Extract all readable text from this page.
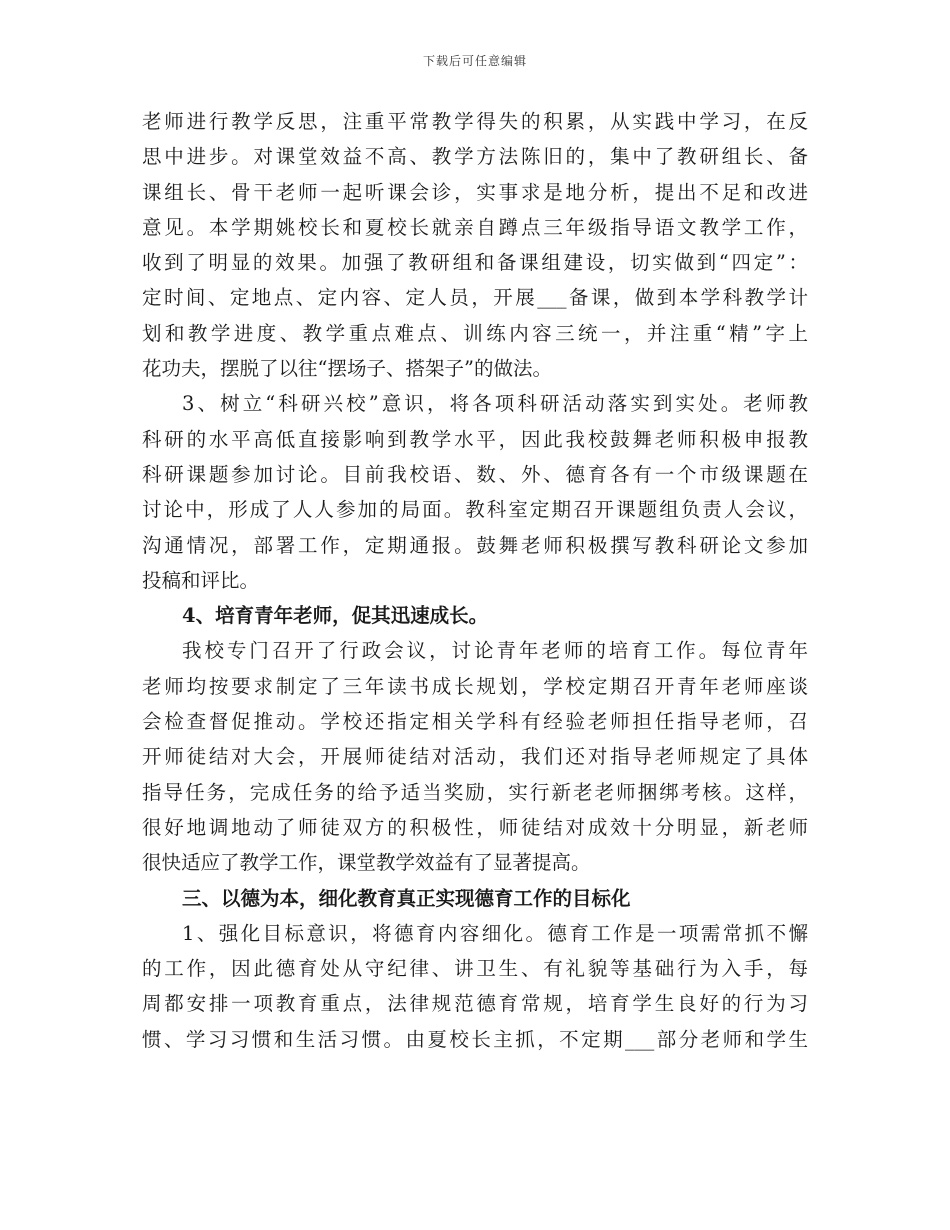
下载后可任意编辑
老师进行教学反思，注重平常教学得失的积累，从实践中学习，在反
思中进步。对课堂效益不高、教学方法陈旧的，集中了教研组长、备
课组长、骨干老师一起听课会诊，实事求是地分析，提出不足和改进
意见。本学期姚校长和夏校长就亲自蹲点三年级指导语文教学工作，
收到了明显的效果。加强了教研组和备课组建设，切实做到“四定”：
定时间、定地点、定内容、定人员，开展___备课，做到本学科教学计
划和教学进度、教学重点难点、训练内容三统一，并注重“精”字上
花功夫，摆脱了以往“摆场子、搭架子”的做法。
3、树立“科研兴校”意识，将各项科研活动落实到实处。老师教
科研的水平高低直接影响到教学水平，因此我校鼓舞老师积极申报教
科研课题参加讨论。目前我校语、数、外、德育各有一个市级课题在
讨论中，形成了人人参加的局面。教科室定期召开课题组负责人会议，
沟通情况，部署工作，定期通报。鼓舞老师积极撰写教科研论文参加
投稿和评比。
4、培育青年老师，促其迅速成长。
我校专门召开了行政会议，讨论青年老师的培育工作。每位青年
老师均按要求制定了三年读书成长规划，学校定期召开青年老师座谈
会检查督促推动。学校还指定相关学科有经验老师担任指导老师，召
开师徒结对大会，开展师徒结对活动，我们还对指导老师规定了具体
指导任务，完成任务的给予适当奖励，实行新老老师捆绑考核。这样，
很好地调地动了师徒双方的积极性，师徒结对成效十分明显，新老师
很快适应了教学工作，课堂教学效益有了显著提高。
三、以德为本，细化教育真正实现德育工作的目标化
1、强化目标意识，将德育内容细化。德育工作是一项需常抓不懈
的工作，因此德育处从守纪律、讲卫生、有礼貌等基础行为入手，每
周都安排一项教育重点，法律规范德育常规，培育学生良好的行为习
惯、学习习惯和生活习惯。由夏校长主抓，不定期___部分老师和学生
